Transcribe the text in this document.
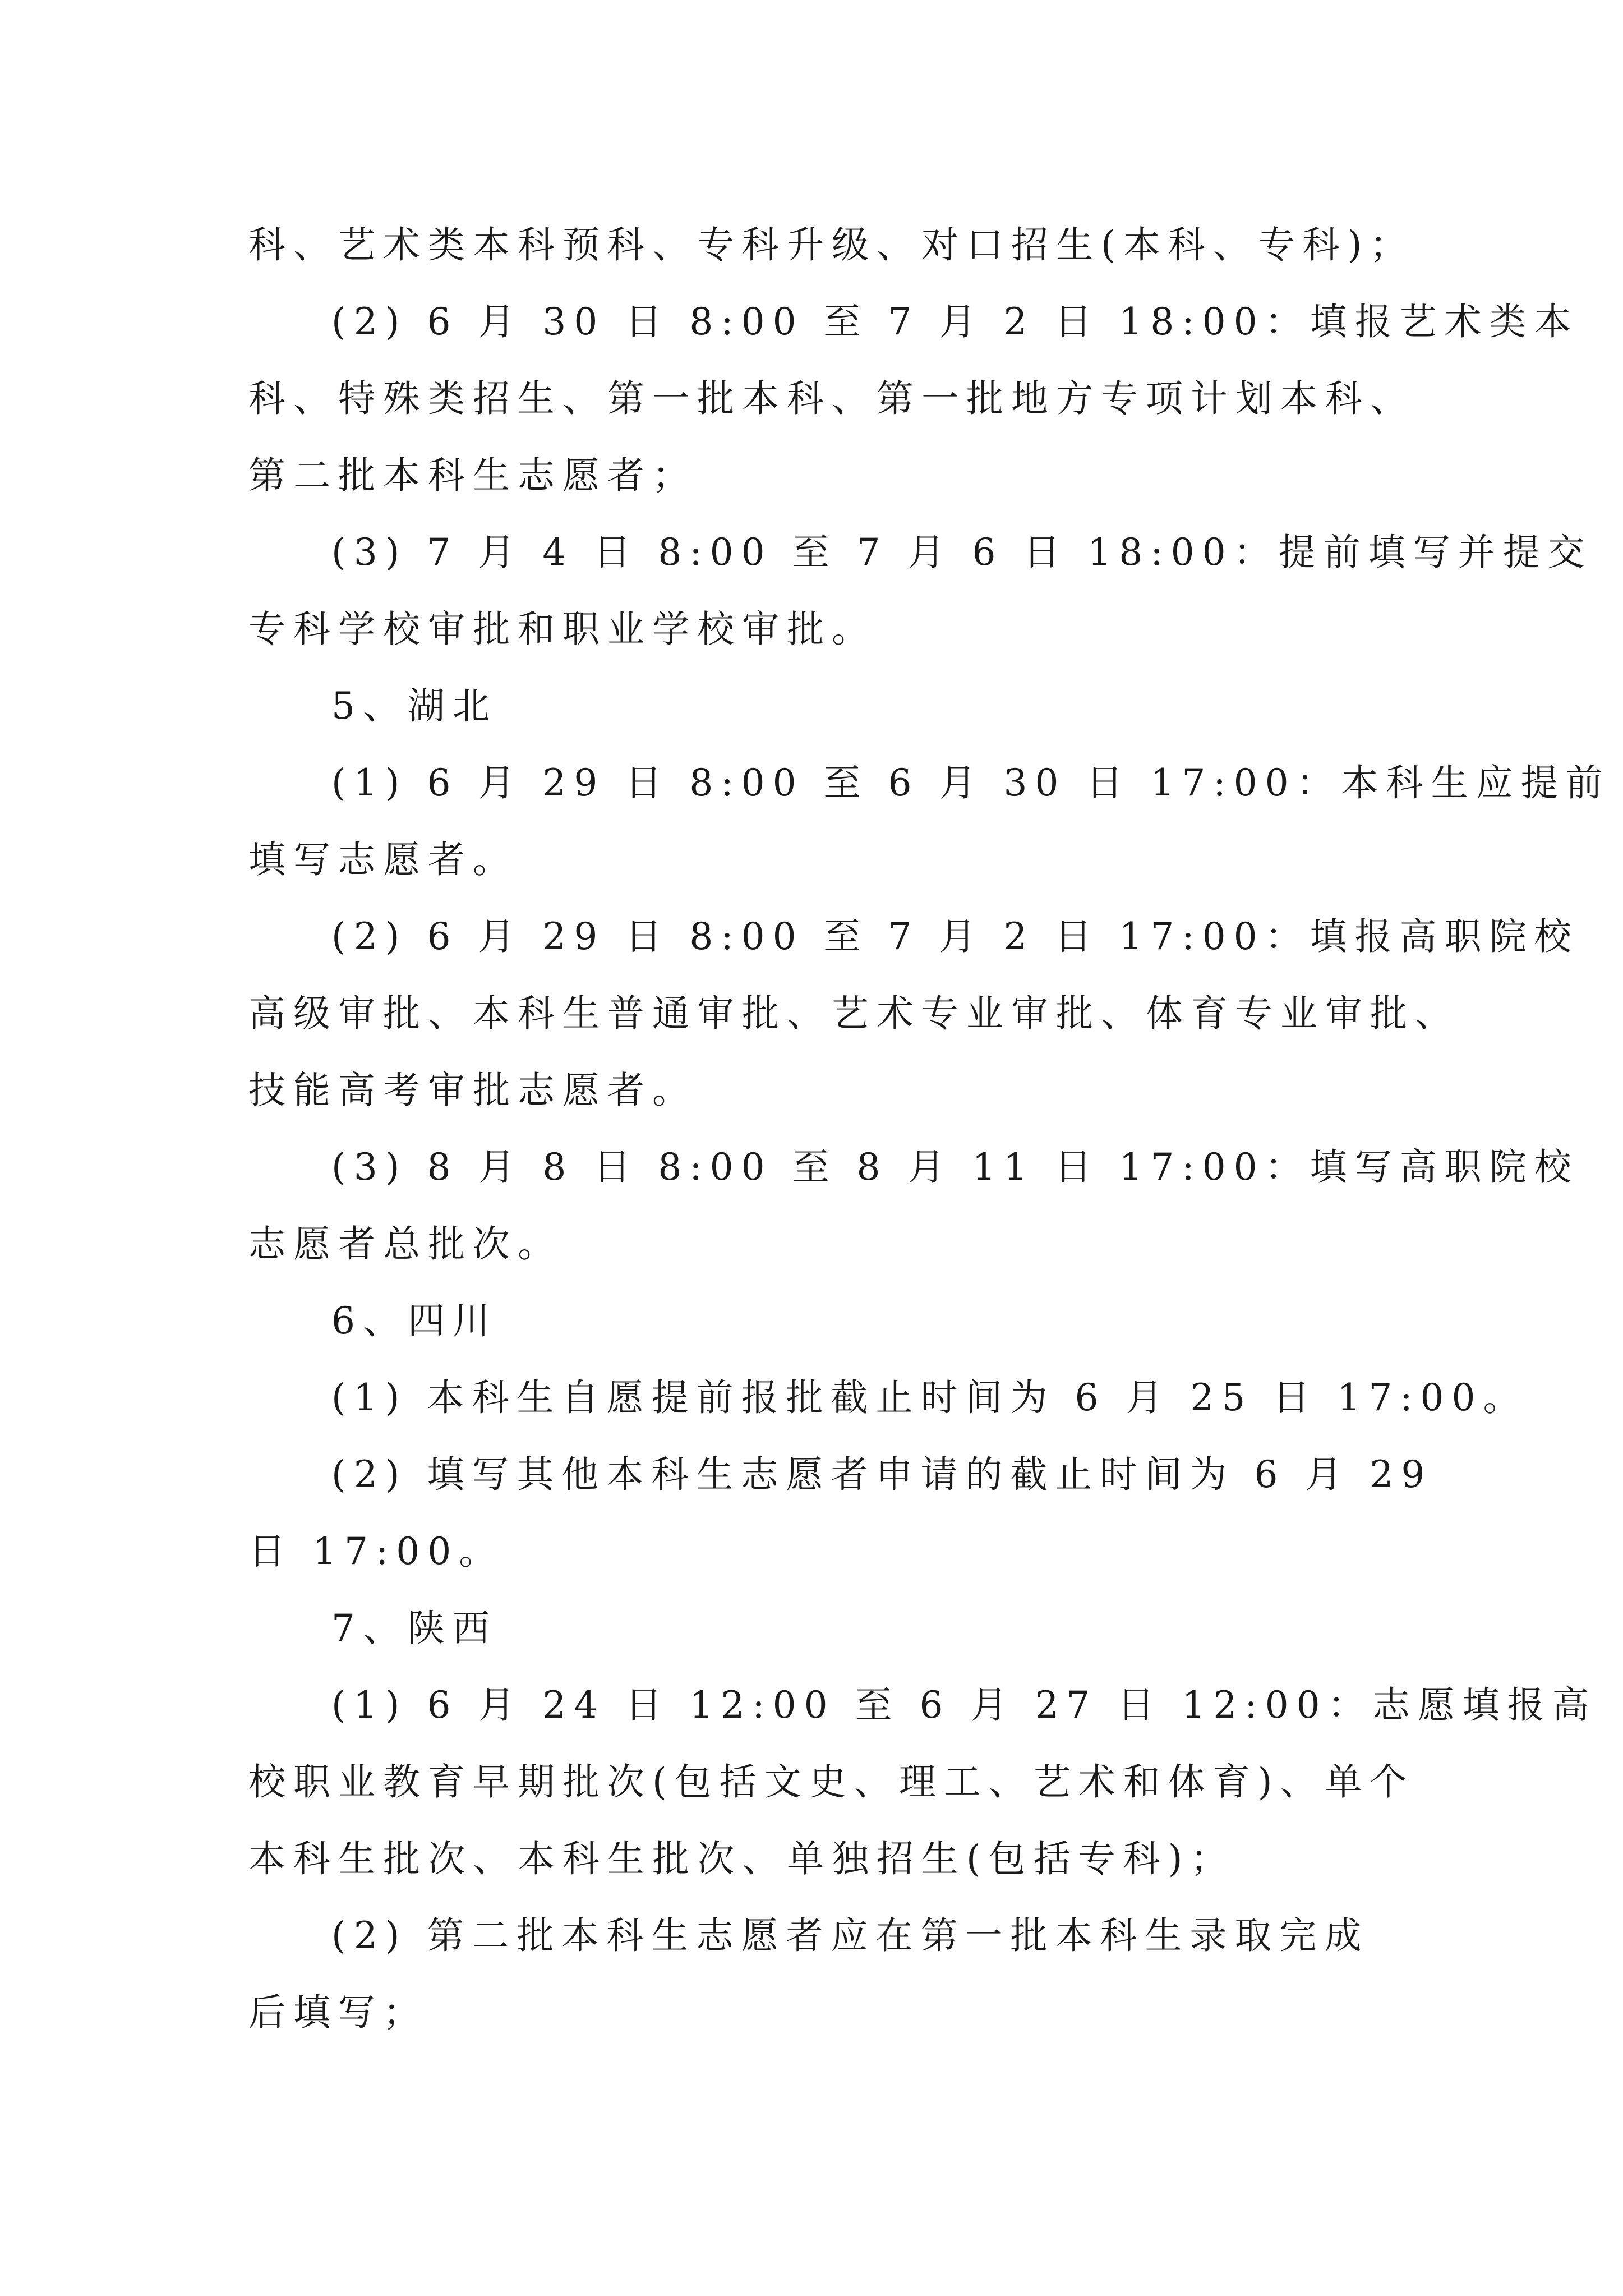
科、艺术类本科预科、专科升级、对口招生(本科、专科)；
(2) 6 月 30 日 8:00 至 7 月 2 日 18:00：填报艺术类本
科、特殊类招生、第一批本科、第一批地方专项计划本科、
第二批本科生志愿者；
(3) 7 月 4 日 8:00 至 7 月 6 日 18:00：提前填写并提交
专科学校审批和职业学校审批。
5、湖北
(1) 6 月 29 日 8:00 至 6 月 30 日 17:00：本科生应提前
填写志愿者。
(2) 6 月 29 日 8:00 至 7 月 2 日 17:00：填报高职院校
高级审批、本科生普通审批、艺术专业审批、体育专业审批、
技能高考审批志愿者。
(3) 8 月 8 日 8:00 至 8 月 11 日 17:00：填写高职院校
志愿者总批次。
6、四川
(1) 本科生自愿提前报批截止时间为 6 月 25 日 17:00。
(2) 填写其他本科生志愿者申请的截止时间为 6 月 29
日 17:00。
7、陕西
(1) 6 月 24 日 12:00 至 6 月 27 日 12:00：志愿填报高
校职业教育早期批次(包括文史、理工、艺术和体育)、单个
本科生批次、本科生批次、单独招生(包括专科)；
(2) 第二批本科生志愿者应在第一批本科生录取完成
后填写；
